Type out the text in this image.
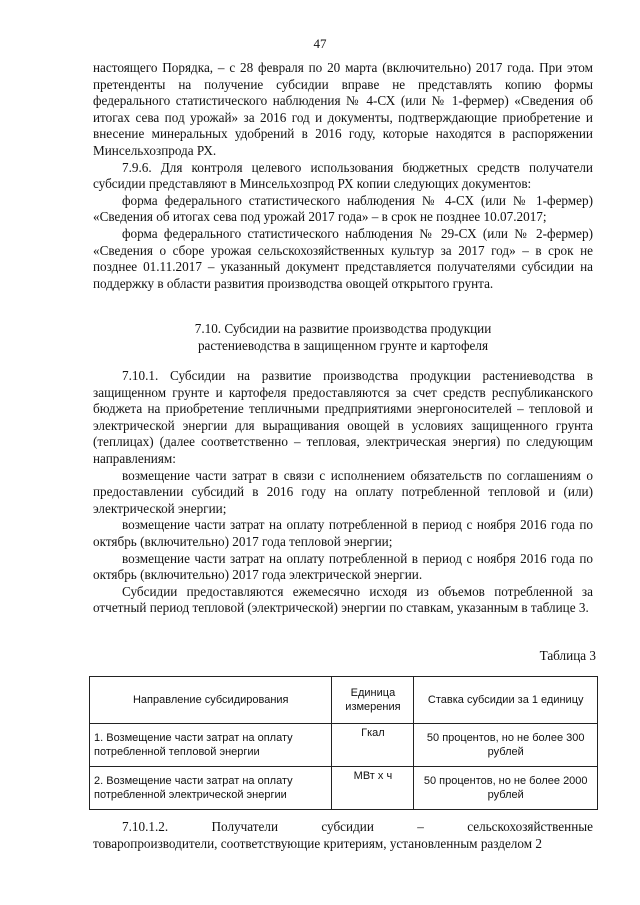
47

настоящего Порядка, – с 28 февраля по 20 марта (включительно) 2017 года. При этом претенденты на получение субсидии вправе не представлять копию формы федерального статистического наблюдения № 4-СХ (или № 1-фермер) «Сведения об итогах сева под урожай» за 2016 год и документы, подтверждающие приобретение и внесение минеральных удобрений в 2016 году, которые находятся в распоряжении Минсельхозпрода РХ.

7.9.6. Для контроля целевого использования бюджетных средств получатели субсидии представляют в Минсельхозпрод РХ копии следующих документов:

форма федерального статистического наблюдения № 4-СХ (или № 1-фермер) «Сведения об итогах сева под урожай 2017 года» – в срок не позднее 10.07.2017;

форма федерального статистического наблюдения № 29-СХ (или № 2-фермер) «Сведения о сборе урожая сельскохозяйственных культур за 2017 год» – в срок не позднее 01.11.2017 – указанный документ представляется получателями субсидии на поддержку в области развития производства овощей открытого грунта.

7.10. Субсидии на развитие производства продукции
растениеводства в защищенном грунте и картофеля

7.10.1. Субсидии на развитие производства продукции растениеводства в защищенном грунте и картофеля предоставляются за счет средств республиканского бюджета на приобретение тепличными предприятиями энергоносителей – тепловой и электрической энергии для выращивания овощей в условиях защищенного грунта (теплицах) (далее соответственно – тепловая, электрическая энергия) по следующим направлениям:

возмещение части затрат в связи с исполнением обязательств по соглашениям о предоставлении субсидий в 2016 году на оплату потребленной тепловой и (или) электрической энергии;

возмещение части затрат на оплату потребленной в период с ноября 2016 года по октябрь (включительно) 2017 года тепловой энергии;

возмещение части затрат на оплату потребленной в период с ноября 2016 года по октябрь (включительно) 2017 года электрической энергии.

Субсидии предоставляются ежемесячно исходя из объемов потребленной за отчетный период тепловой (электрической) энергии по ставкам, указанным в таблице 3.

Таблица 3
Направление субсидирования	Единица измерения	Ставка субсидии за 1 единицу
1. Возмещение части затрат на оплату потребленной тепловой энергии	Гкал	50 процентов, но не более 300 рублей
2. Возмещение части затрат на оплату потребленной электрической энергии	МВт x ч	50 процентов, но не более 2000 рублей
7.10.1.2.	Получатели	субсидии	–	сельскохозяйственные
товаропроизводители, соответствующие критериям, установленным разделом 2
